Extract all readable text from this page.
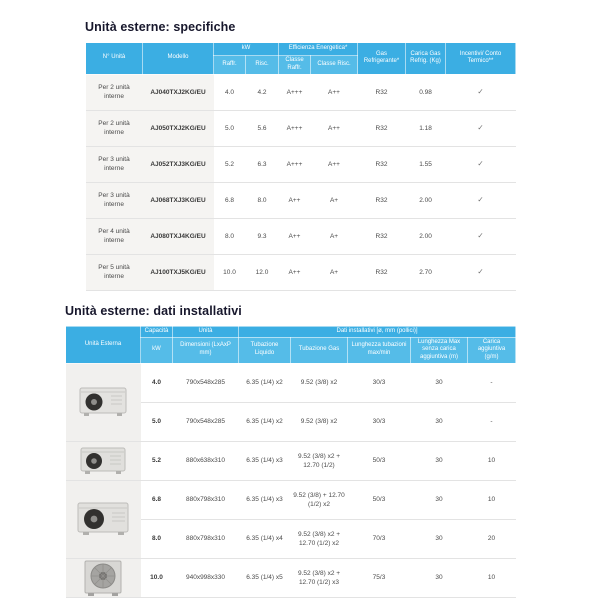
Unità esterne: specifiche
N° Unità	Modello	kW		Efficienza Energetica*		Gas Refrigerante*	Carica Gas Refrig. (Kg)	Incentivi/ Conto Termico**
		Raffr.	Risc.	Classe Raffr.	Classe Risc.			
Per 2 unità interne	AJ040TXJ2KG/EU	4.0	4.2	A+++	A++	R32	0.98	✓
Per 2 unità interne	AJ050TXJ2KG/EU	5.0	5.6	A+++	A++	R32	1.18	✓
Per 3 unità interne	AJ052TXJ3KG/EU	5.2	6.3	A+++	A++	R32	1.55	✓
Per 3 unità interne	AJ068TXJ3KG/EU	6.8	8.0	A++	A+	R32	2.00	✓
Per 4 unità interne	AJ080TXJ4KG/EU	8.0	9.3	A++	A+	R32	2.00	✓
Per 5 unità interne	AJ100TXJ5KG/EU	10.0	12.0	A++	A+	R32	2.70	✓
Unità esterne: dati installativi
Unità Esterna	Capacità	Unità	Dati installativi [ø, mm (pollici)]				
	kW	Dimensioni (LxAxP mm)	Tubazione Liquido	Tubazione Gas	Lunghezza tubazioni max/min	Lunghezza Max senza carica aggiuntiva (m)	Carica aggiuntiva (g/m)

	4.0	790x548x285	6.35 (1/4) x2	9.52 (3/8) x2	30/3	30	-
	5.0	790x548x285	6.35 (1/4) x2	9.52 (3/8) x2	30/3	30	-

	5.2	880x638x310	6.35 (1/4) x3	9.52 (3/8) x2 + 12.70 (1/2)	50/3	30	10

	6.8	880x798x310	6.35 (1/4) x3	9.52 (3/8) + 12.70 (1/2) x2	50/3	30	10
	8.0	880x798x310	6.35 (1/4) x4	9.52 (3/8) x2 + 12.70 (1/2) x2	70/3	30	20

	10.0	940x998x330	6.35 (1/4) x5	9.52 (3/8) x2 + 12.70 (1/2) x3	75/3	30	10
